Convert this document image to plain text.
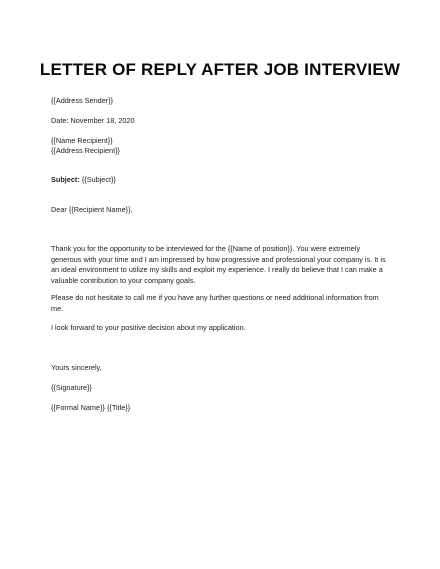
LETTER OF REPLY AFTER JOB INTERVIEW
{{Address Sender}}
Date: November 18, 2020
{{Name Recipient}}
{{Address Recipient}}
Subject: {{Subject}}
Dear {{Recipient Name}},
Thank you for the opportunity to be interviewed for the {{Name of position}}. You were extremely
generous with your time and I am impressed by how progressive and professional your company is. It is
an ideal environment to utilize my skills and exploit my experience. I really do believe that I can make a
valuable contribution to your company goals.
Please do not hesitate to call me if you have any further questions or need additional information from
me.
I look forward to your positive decision about my application.
Yours sincerely,
{{Signature}}
{{Formal Name}} {{Title}}
